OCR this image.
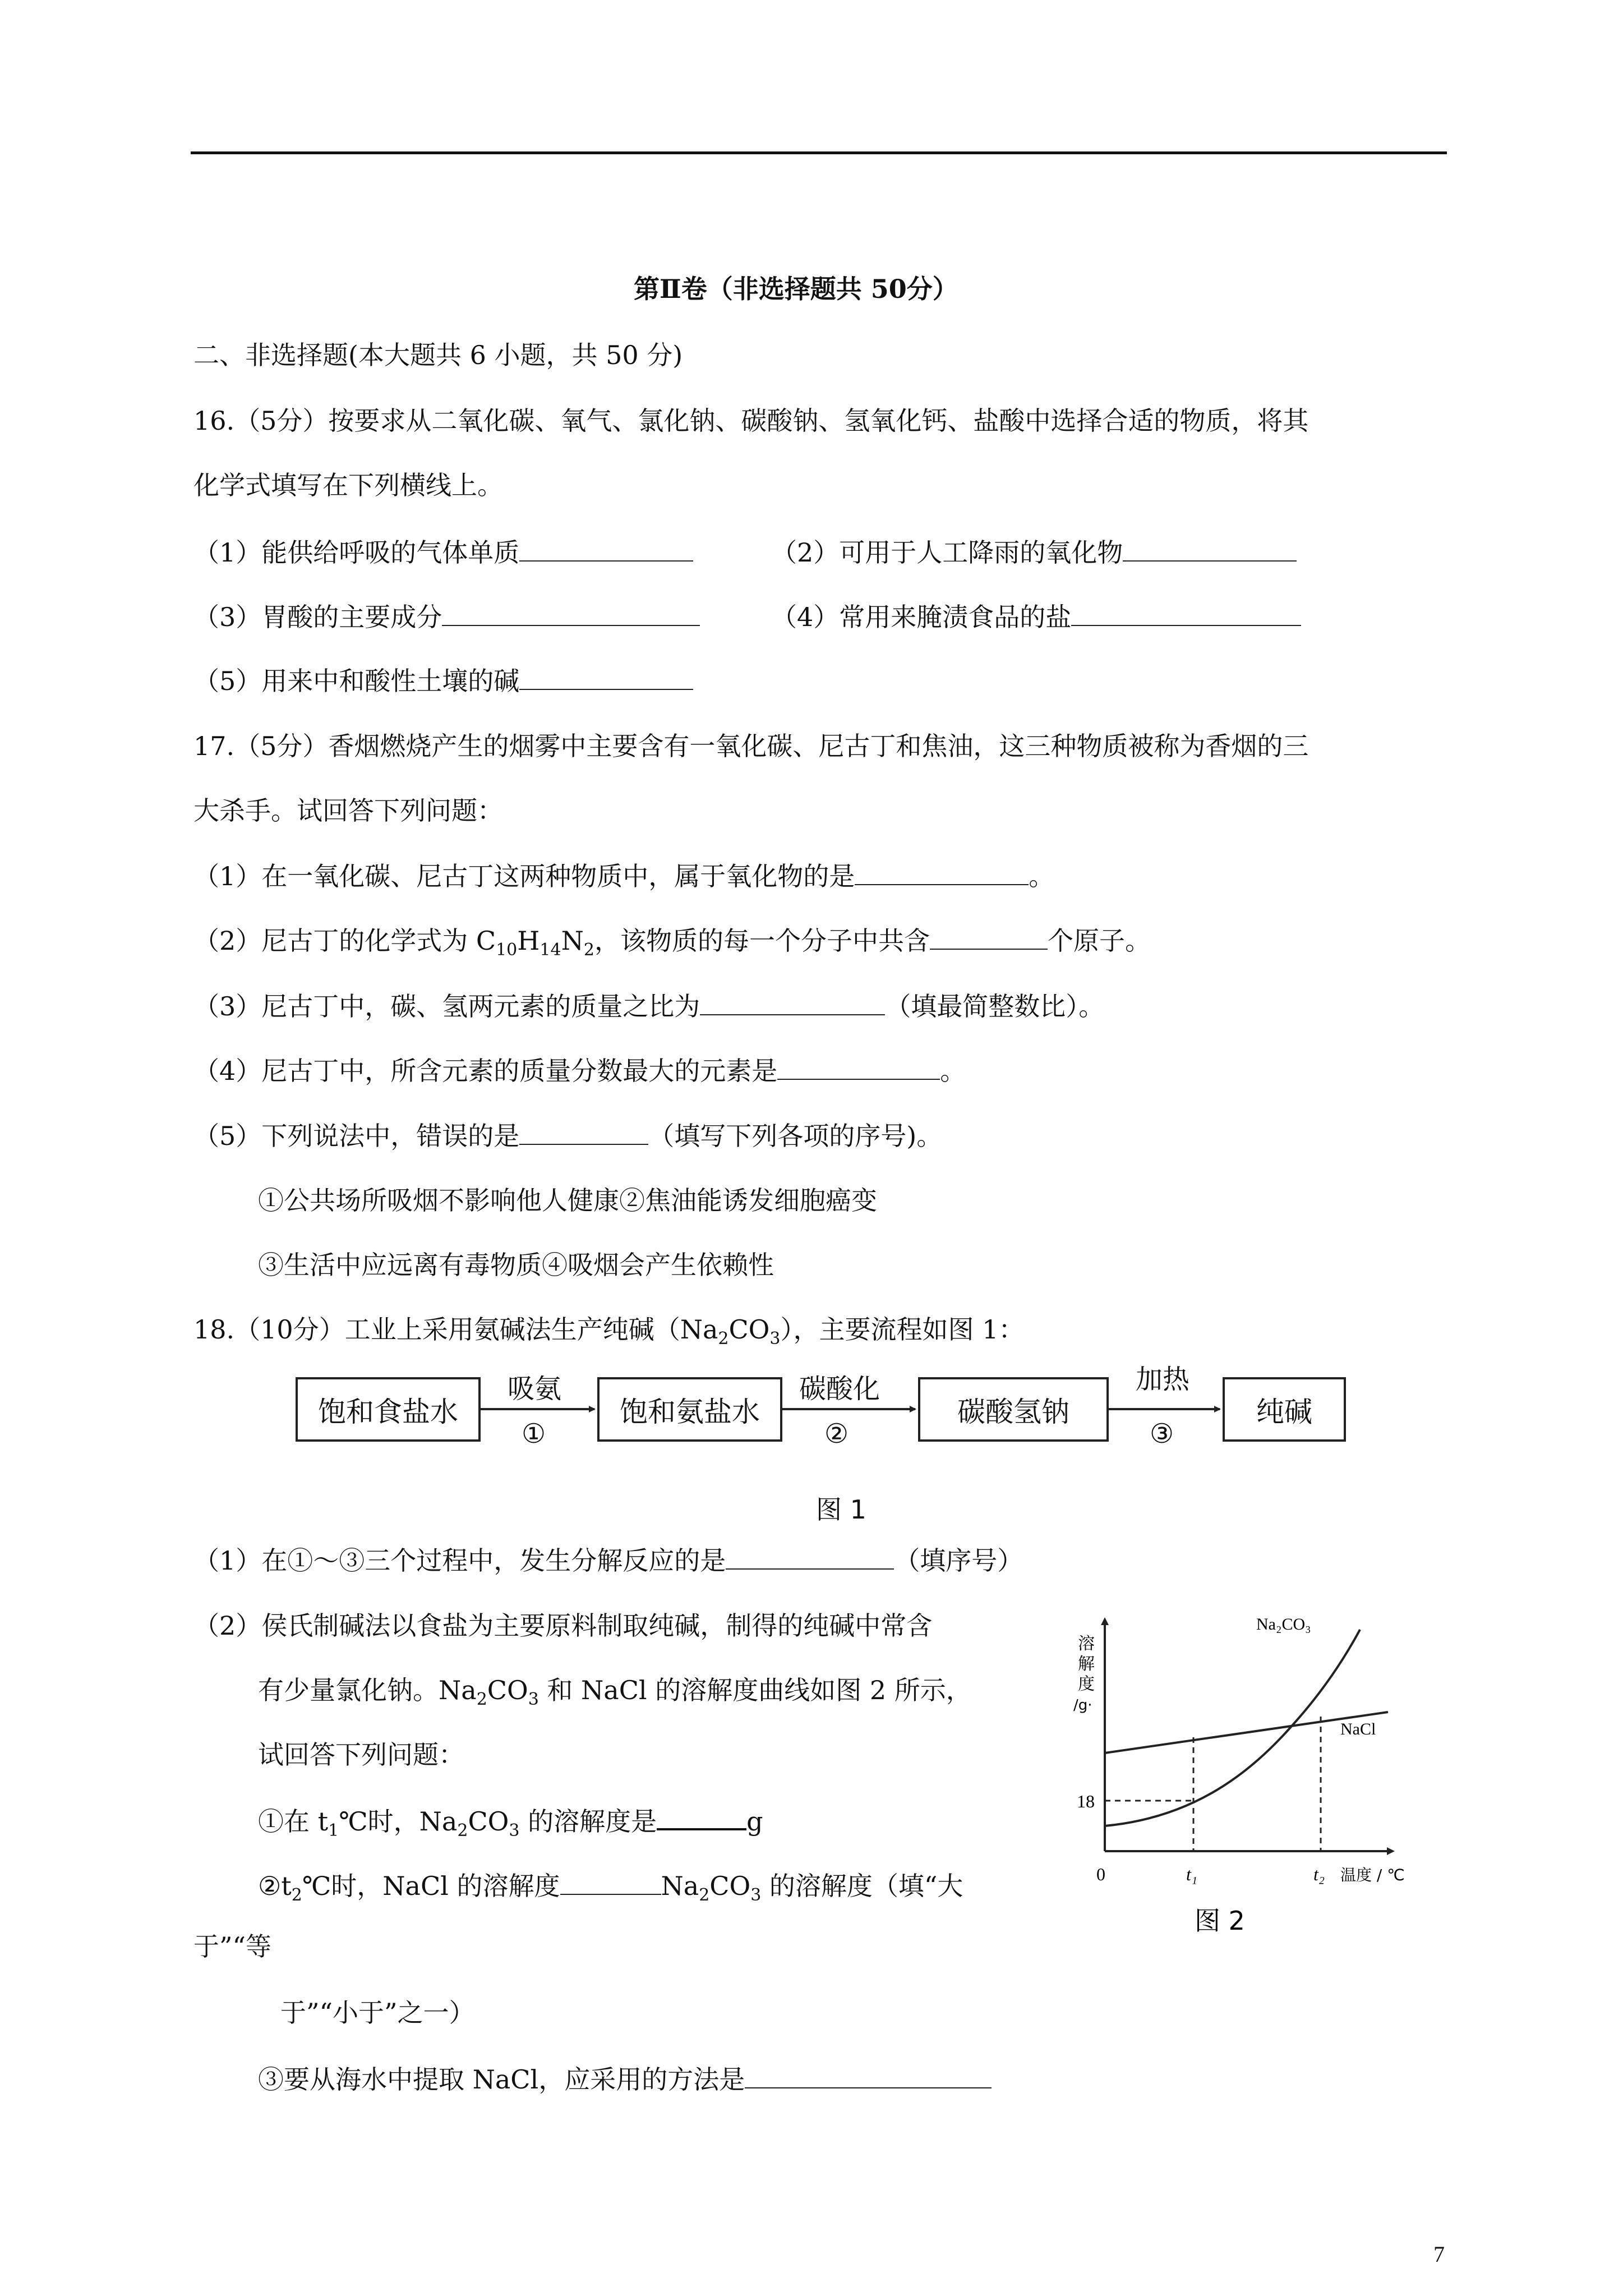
第Ⅱ卷（非选择题共 50分）
二、非选择题(本大题共 6 小题，共 50 分)
16.（5分）按要求从二氧化碳、氧气、氯化钠、碳酸钠、氢氧化钙、盐酸中选择合适的物质，将其
化学式填写在下列横线上。
（1）能供给呼吸的气体单质	（2）可用于人工降雨的氧化物
（3）胃酸的主要成分	（4）常用来腌渍食品的盐
（5）用来中和酸性土壤的碱
17.（5分）香烟燃烧产生的烟雾中主要含有一氧化碳、尼古丁和焦油，这三种物质被称为香烟的三
大杀手。试回答下列问题：
（1）在一氧化碳、尼古丁这两种物质中，属于氧化物的是	。
（2）尼古丁的化学式为 $C_{10}H_{14}N_2$，该物质的每一个分子中共含	个原子。
（3）尼古丁中，碳、氢两元素的质量之比为	（填最简整数比）。
（4）尼古丁中，所含元素的质量分数最大的元素是	。
（5）下列说法中，错误的是	（填写下列各项的序号)。
①公共场所吸烟不影响他人健康②焦油能诱发细胞癌变
③生活中应远离有毒物质④吸烟会产生依赖性
18.（10分）工业上采用氨碱法生产纯碱$(Na_2CO_3)$，主要流程如图 1：
饱和食盐水	饱和氨盐水	碳酸氢钠	纯碱
吸氨
①
碳酸化
②
加热
③
图 1
（1）在①～③三个过程中，发生分解反应的是	（填序号）
（2）侯氏制碱法以食盐为主要原料制取纯碱，制得的纯碱中常含
有少量氯化钠。$Na_2CO_3$ 和 NaCl 的溶解度曲线如图 2 所示，
试回答下列问题：
①在 $t_1℃$时，$Na_2CO_3$ 的溶解度是	g
$②t_2℃$时，NaCl 的溶解度	$Na_2CO_3$ 的溶解度（填“大
于”“等
于”“小于”之一）
③要从海水中提取 NaCl，应采用的方法是
溶
解
度
/g·
Na₂CO₃
NaCl
18
0	t₁	t₂ 温度 / ℃
图 2
7
